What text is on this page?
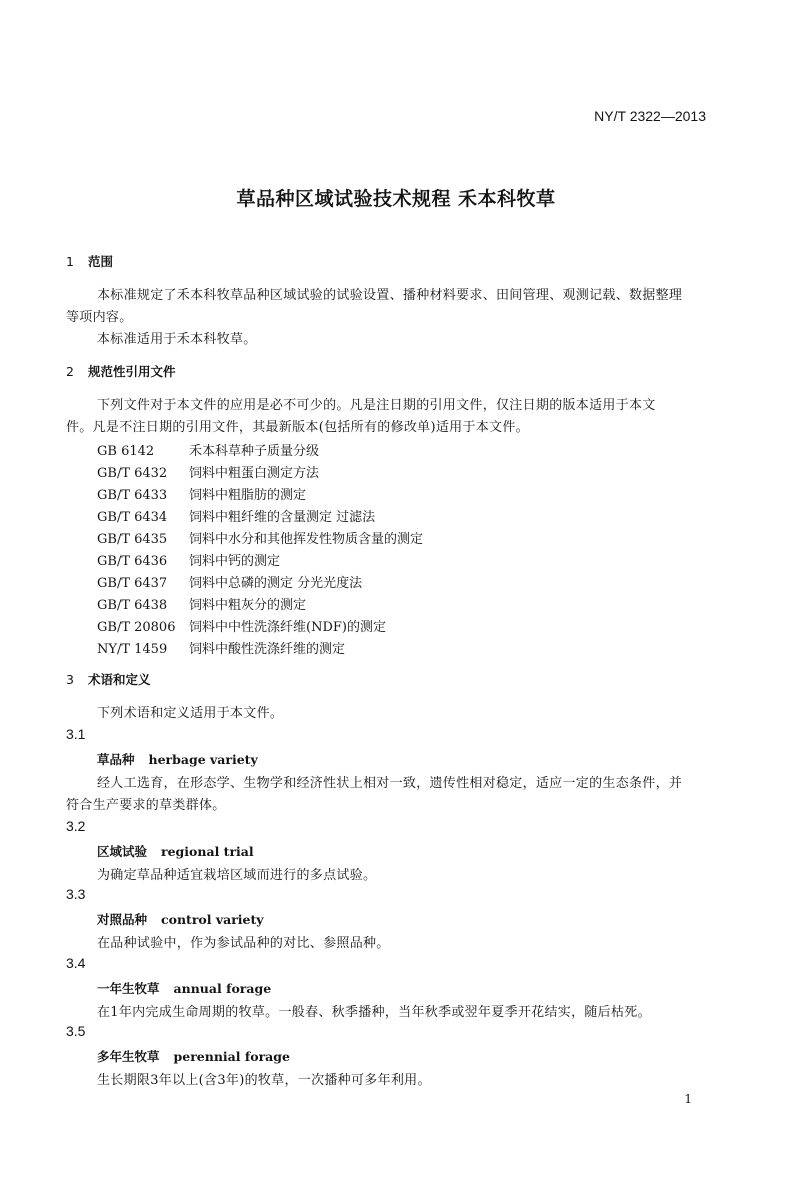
NY/T 2322—2013
草品种区域试验技术规程 禾本科牧草
1 范围
本标准规定了禾本科牧草品种区域试验的试验设置、播种材料要求、田间管理、观测记载、数据整理
等项内容。
本标准适用于禾本科牧草。
2 规范性引用文件
下列文件对于本文件的应用是必不可少的。凡是注日期的引用文件，仅注日期的版本适用于本文
件。凡是不注日期的引用文件，其最新版本(包括所有的修改单)适用于本文件。
GB 6142	禾本科草种子质量分级
GB/T 6432 饲料中粗蛋白测定方法
GB/T 6433 饲料中粗脂肪的测定
GB/T 6434 饲料中粗纤维的含量测定 过滤法
GB/T 6435 饲料中水分和其他挥发性物质含量的测定
GB/T 6436 饲料中钙的测定
GB/T 6437 饲料中总磷的测定 分光光度法
GB/T 6438 饲料中粗灰分的测定
GB/T 20806 饲料中中性洗涤纤维(NDF)的测定
NY/T 1459 饲料中酸性洗涤纤维的测定
3 术语和定义
下列术语和定义适用于本文件。
3.1
草品种 herbage variety
经人工选育，在形态学、生物学和经济性状上相对一致，遗传性相对稳定，适应一定的生态条件，并
符合生产要求的草类群体。
3.2
区域试验 regional trial
为确定草品种适宜栽培区域而进行的多点试验。
3.3
对照品种 control variety
在品种试验中，作为参试品种的对比、参照品种。
3.4
一年生牧草 annual forage
在1年内完成生命周期的牧草。一般春、秋季播种，当年秋季或翌年夏季开花结实，随后枯死。
3.5
多年生牧草 perennial forage
生长期限3年以上(含3年)的牧草，一次播种可多年利用。
1
